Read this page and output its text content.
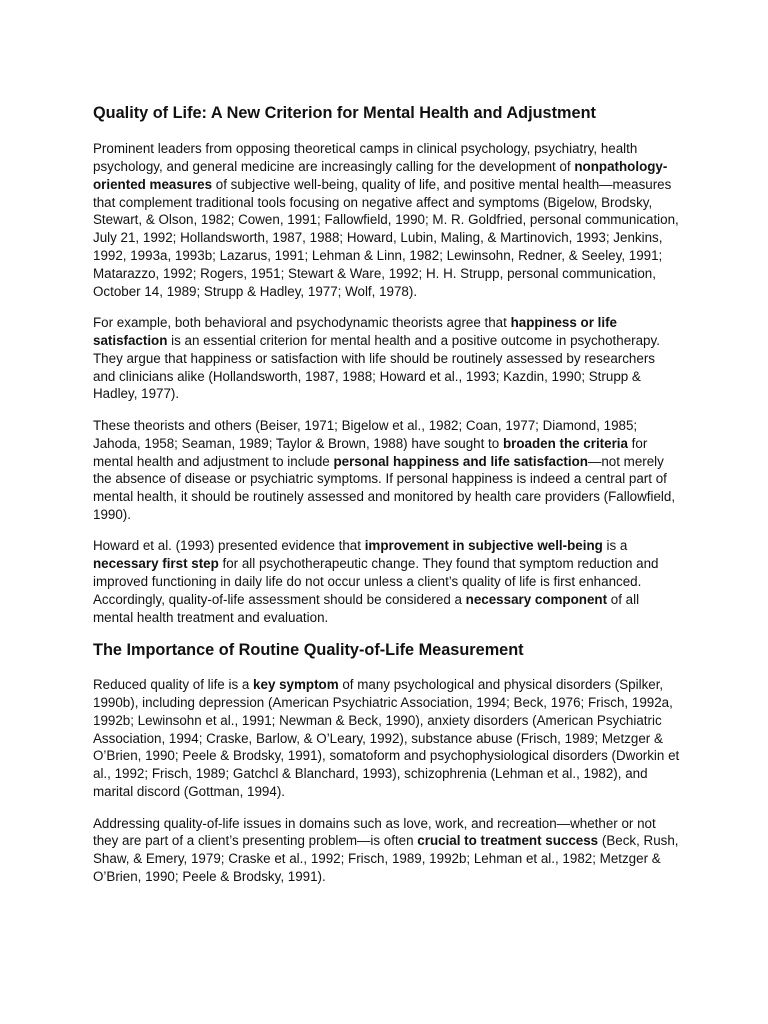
Quality of Life: A New Criterion for Mental Health and Adjustment

Prominent leaders from opposing theoretical camps in clinical psychology, psychiatry, health psychology, and general medicine are increasingly calling for the development of nonpathology-oriented measures of subjective well-being, quality of life, and positive mental health—measures that complement traditional tools focusing on negative affect and symptoms (Bigelow, Brodsky, Stewart, & Olson, 1982; Cowen, 1991; Fallowfield, 1990; M. R. Goldfried, personal communication, July 21, 1992; Hollandsworth, 1987, 1988; Howard, Lubin, Maling, & Martinovich, 1993; Jenkins, 1992, 1993a, 1993b; Lazarus, 1991; Lehman & Linn, 1982; Lewinsohn, Redner, & Seeley, 1991; Matarazzo, 1992; Rogers, 1951; Stewart & Ware, 1992; H. H. Strupp, personal communication, October 14, 1989; Strupp & Hadley, 1977; Wolf, 1978).

For example, both behavioral and psychodynamic theorists agree that happiness or life satisfaction is an essential criterion for mental health and a positive outcome in psychotherapy. They argue that happiness or satisfaction with life should be routinely assessed by researchers and clinicians alike (Hollandsworth, 1987, 1988; Howard et al., 1993; Kazdin, 1990; Strupp & Hadley, 1977).

These theorists and others (Beiser, 1971; Bigelow et al., 1982; Coan, 1977; Diamond, 1985; Jahoda, 1958; Seaman, 1989; Taylor & Brown, 1988) have sought to broaden the criteria for mental health and adjustment to include personal happiness and life satisfaction—not merely the absence of disease or psychiatric symptoms. If personal happiness is indeed a central part of mental health, it should be routinely assessed and monitored by health care providers (Fallowfield, 1990).

Howard et al. (1993) presented evidence that improvement in subjective well-being is a necessary first step for all psychotherapeutic change. They found that symptom reduction and improved functioning in daily life do not occur unless a client’s quality of life is first enhanced. Accordingly, quality-of-life assessment should be considered a necessary component of all mental health treatment and evaluation.

The Importance of Routine Quality-of-Life Measurement

Reduced quality of life is a key symptom of many psychological and physical disorders (Spilker, 1990b), including depression (American Psychiatric Association, 1994; Beck, 1976; Frisch, 1992a, 1992b; Lewinsohn et al., 1991; Newman & Beck, 1990), anxiety disorders (American Psychiatric Association, 1994; Craske, Barlow, & O’Leary, 1992), substance abuse (Frisch, 1989; Metzger & O’Brien, 1990; Peele & Brodsky, 1991), somatoform and psychophysiological disorders (Dworkin et al., 1992; Frisch, 1989; Gatchcl & Blanchard, 1993), schizophrenia (Lehman et al., 1982), and marital discord (Gottman, 1994).

Addressing quality-of-life issues in domains such as love, work, and recreation—whether or not they are part of a client’s presenting problem—is often crucial to treatment success (Beck, Rush, Shaw, & Emery, 1979; Craske et al., 1992; Frisch, 1989, 1992b; Lehman et al., 1982; Metzger & O’Brien, 1990; Peele & Brodsky, 1991).
